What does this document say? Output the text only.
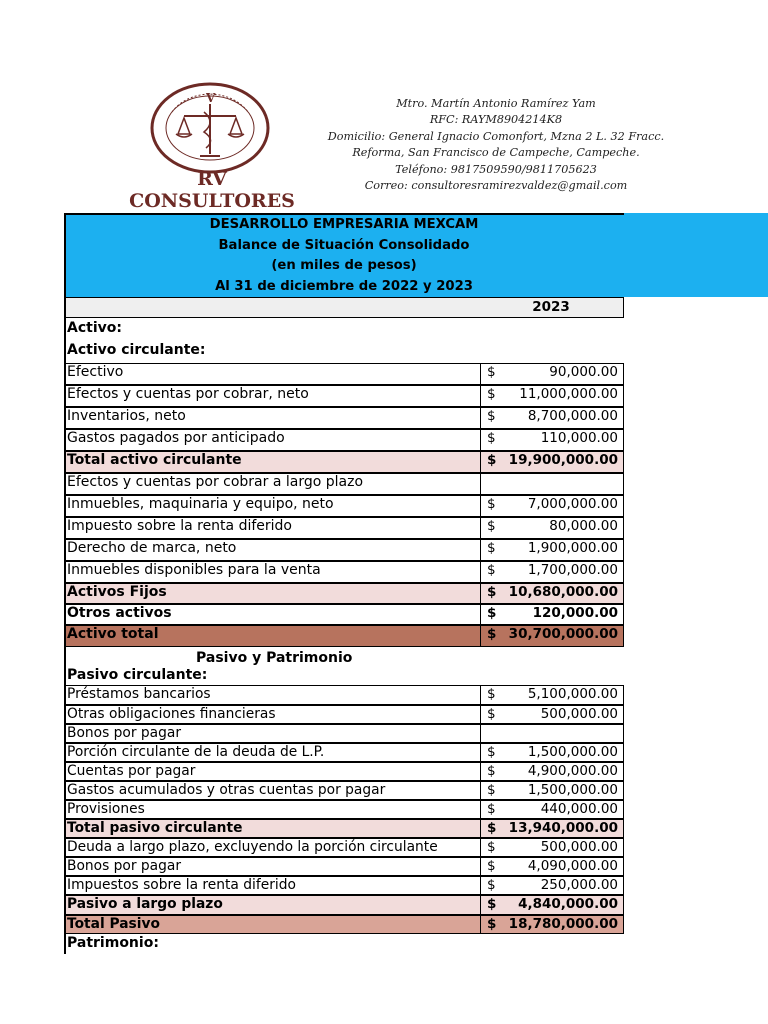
V
RV CONSULTORES
Mtro. Martín Antonio Ramírez Yam
RFC: RAYM8904214K8
Domicilio: General Ignacio Comonfort, Mzna 2 L. 32 Fracc.
Reforma, San Francisco de Campeche, Campeche.
Teléfono: 9817509590/9811705623
Correo: consultoresramirezvaldez@gmail.com
DESARROLLO EMPRESARIA MEXCAM
Balance de Situación Consolidado
(en miles de pesos)
Al 31 de diciembre de 2022 y 2023
2023
Activo:
Activo circulante:
Efectivo	$	90,000.00
Efectos y cuentas por cobrar, neto	$ 11,000,000.00
Inventarios, neto	$ 8,700,000.00
Gastos pagados por anticipado	$	110,000.00
Total activo circulante	$ 19,900,000.00
Efectos y cuentas por cobrar a largo plazo
Inmuebles, maquinaria y equipo, neto	$ 7,000,000.00
Impuesto sobre la renta diferido	$	80,000.00
Derecho de marca, neto	$ 1,900,000.00
Inmuebles disponibles para la venta	$ 1,700,000.00
Activos Fijos	$ 10,680,000.00
Otros activos	$	120,000.00
Activo total	$ 30,700,000.00
Pasivo y Patrimonio
Pasivo circulante:
Préstamos bancarios	$ 5,100,000.00
Otras obligaciones financieras	$	500,000.00
Bonos por pagar
Porción circulante de la deuda de L.P.	$ 1,500,000.00
Cuentas por pagar	$ 4,900,000.00
Gastos acumulados y otras cuentas por pagar	$ 1,500,000.00
Provisiones	$	440,000.00
Total pasivo circulante	$ 13,940,000.00
Deuda a largo plazo, excluyendo la porción circulante	$	500,000.00
Bonos por pagar	$ 4,090,000.00
Impuestos sobre la renta diferido	$	250,000.00
Pasivo a largo plazo	$ 4,840,000.00
Total Pasivo	$ 18,780,000.00
Patrimonio:
